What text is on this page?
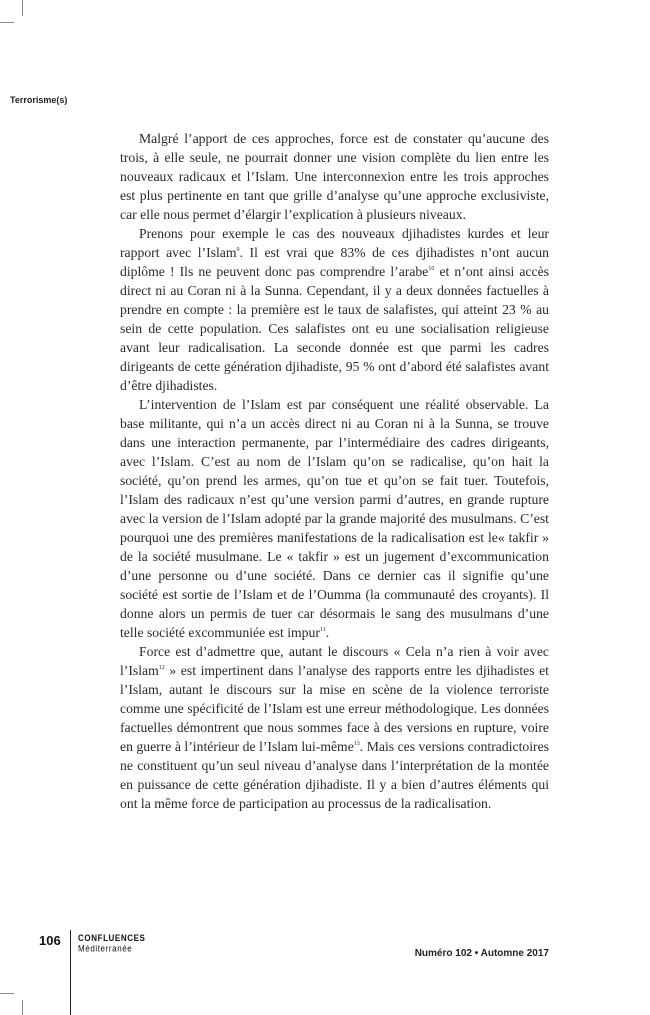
Terrorisme(s)

Malgré l’apport de ces approches, force est de constater qu’aucune des trois, à elle seule, ne pourrait donner une vision complète du lien entre les nouveaux radicaux et l’Islam. Une interconnexion entre les trois approches est plus pertinente en tant que grille d’analyse qu’une approche exclusiviste, car elle nous permet d’élargir l’explication à plusieurs niveaux.

Prenons pour exemple le cas des nouveaux djihadistes kurdes et leur rapport avec l’Islam$^9$. Il est vrai que 83% de ces djihadistes n’ont aucun diplôme ! Ils ne peuvent donc pas comprendre l’arabe$^{10}$ et n’ont ainsi accès direct ni au Coran ni à la Sunna. Cependant, il y a deux données factuelles à prendre en compte : la première est le taux de salafistes, qui atteint 23 % au sein de cette population. Ces salafistes ont eu une socialisation religieuse avant leur radicalisation. La seconde donnée est que parmi les cadres dirigeants de cette génération djihadiste, 95 % ont d’abord été salafistes avant d’être djihadistes.

L’intervention de l’Islam est par conséquent une réalité observable. La base militante, qui n’a un accès direct ni au Coran ni à la Sunna, se trouve dans une interaction permanente, par l’intermédiaire des cadres dirigeants, avec l’Islam. C’est au nom de l’Islam qu’on se radicalise, qu’on hait la société, qu’on prend les armes, qu’on tue et qu’on se fait tuer. Toutefois, l’Islam des radicaux n’est qu’une version parmi d’autres, en grande rupture avec la version de l’Islam adopté par la grande majorité des musulmans. C’est pourquoi une des premières manifestations de la radicalisation est le« takfir » de la société musulmane. Le « takfir » est un jugement d’excommunication d’une personne ou d’une société. Dans ce dernier cas il signifie qu’une société est sortie de l’Islam et de l’Oumma (la communauté des croyants). Il donne alors un permis de tuer car désormais le sang des musulmans d’une telle société excommuniée est impur$^{11}$.

Force est d’admettre que, autant le discours « Cela n’a rien à voir avec l’Islam$^{12}$ » est impertinent dans l’analyse des rapports entre les djihadistes et l’Islam, autant le discours sur la mise en scène de la violence terroriste comme une spécificité de l’Islam est une erreur méthodologique. Les données factuelles démontrent que nous sommes face à des versions en rupture, voire en guerre à l’intérieur de l’Islam lui-même$^{13}$. Mais ces versions contradictoires ne constituent qu’un seul niveau d’analyse dans l’interprétation de la montée en puissance de cette génération djihadiste. Il y a bien d’autres éléments qui ont la même force de participation au processus de la radicalisation.

106 CONFLUENCES
Méditerranée	Numéro 102 • Automne 2017
